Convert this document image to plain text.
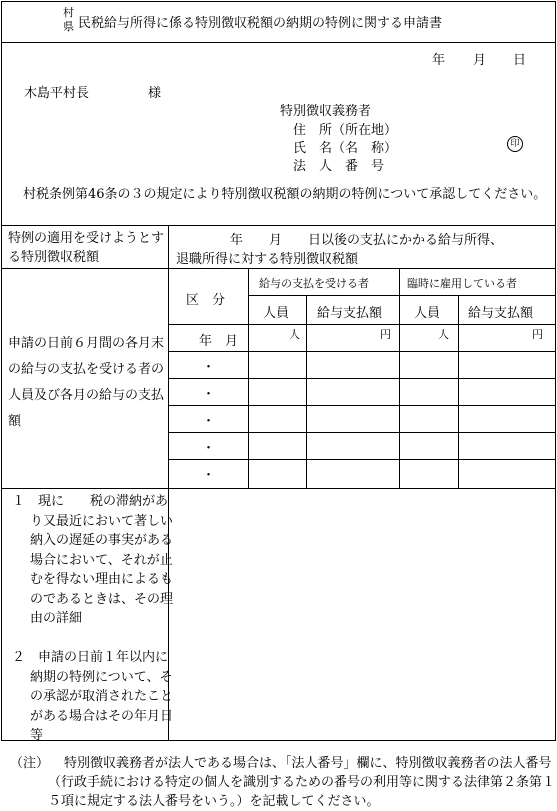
村
県 民税給与所得に係る特別徴収税額の納期の特例に関する申請書
年 月 日
木島平村長	様
特別徴収義務者
住　所（所在地）
氏　名（名　称）	印
法　人　番　号
村税条例第46条の３の規定により特別徴収税額の納期の特例について承認してください。
特例の適用を受けようとする特別徴収税額
年　　月　　日以後の支払にかかる給与所得、
退職所得に対する特別徴収税額
申請の日前６月間の各月末の給与の支払を受ける者の人員及び各月の給与の支払額
区　分
給与の支払を受ける者	臨時に雇用している者
人員 給与支払額 人員 給与支払額
年　月	人	円	人	円
・
・
・
・
・
１　現に　　税の滞納があり又最近において著しい納入の遅延の事実がある場合において、それが止むを得ない理由によるものであるときは、その理由の詳細
２　申請の日前１年以内に納期の特例について、その承認が取消されたことがある場合はその年月日等
（注）	特別徴収義務者が法人である場合は、「法人番号」欄に、特別徴収義務者の法人番号（行政手続における特定の個人を識別するための番号の利用等に関する法律第２条第１５項に規定する法人番号をいう。）を記載してください。
